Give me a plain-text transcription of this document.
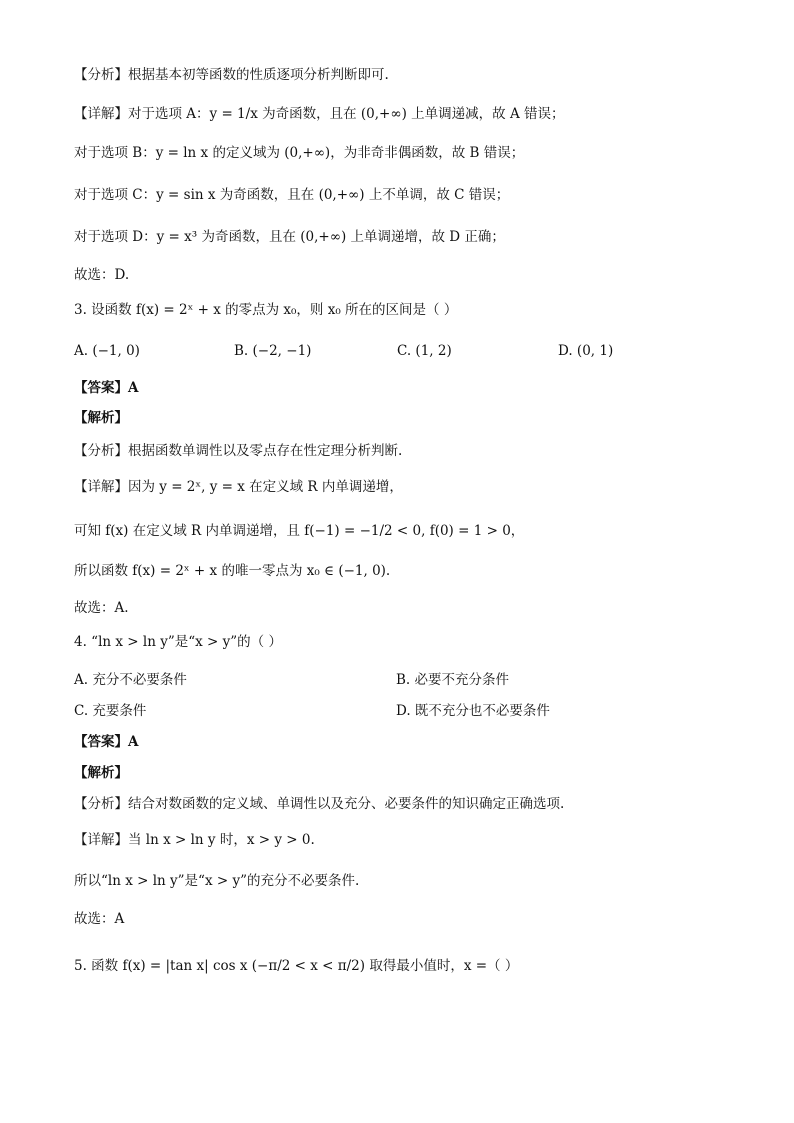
【分析】根据基本初等函数的性质逐项分析判断即可.
【详解】对于选项 A：y = 1/x 为奇函数，且在 (0,+∞) 上单调递减，故 A 错误；
对于选项 B：y = ln x 的定义域为 (0,+∞)，为非奇非偶函数，故 B 错误；
对于选项 C：y = sin x 为奇函数，且在 (0,+∞) 上不单调，故 C 错误；
对于选项 D：y = x³ 为奇函数，且在 (0,+∞) 上单调递增，故 D 正确；
故选：D.
3. 设函数 f(x) = 2ˣ + x 的零点为 x₀，则 x₀ 所在的区间是（ ）
A. (−1, 0)	B. (−2, −1)	C. (1, 2)	D. (0, 1)
【答案】A
【解析】
【分析】根据函数单调性以及零点存在性定理分析判断.
【详解】因为 y = 2ˣ, y = x 在定义域 R 内单调递增，
可知 f(x) 在定义域 R 内单调递增，且 f(−1) = −1/2 < 0, f(0) = 1 > 0，
所以函数 f(x) = 2ˣ + x 的唯一零点为 x₀ ∈ (−1, 0).
故选：A.
4. “ln x > ln y”是“x > y”的（ ）
A. 充分不必要条件	B. 必要不充分条件
C. 充要条件	D. 既不充分也不必要条件
【答案】A
【解析】
【分析】结合对数函数的定义域、单调性以及充分、必要条件的知识确定正确选项.
【详解】当 ln x > ln y 时，x > y > 0.
所以“ln x > ln y”是“x > y”的充分不必要条件.
故选：A
5. 函数 f(x) = |tan x| cos x (−π/2 < x < π/2) 取得最小值时，x =（ ）
